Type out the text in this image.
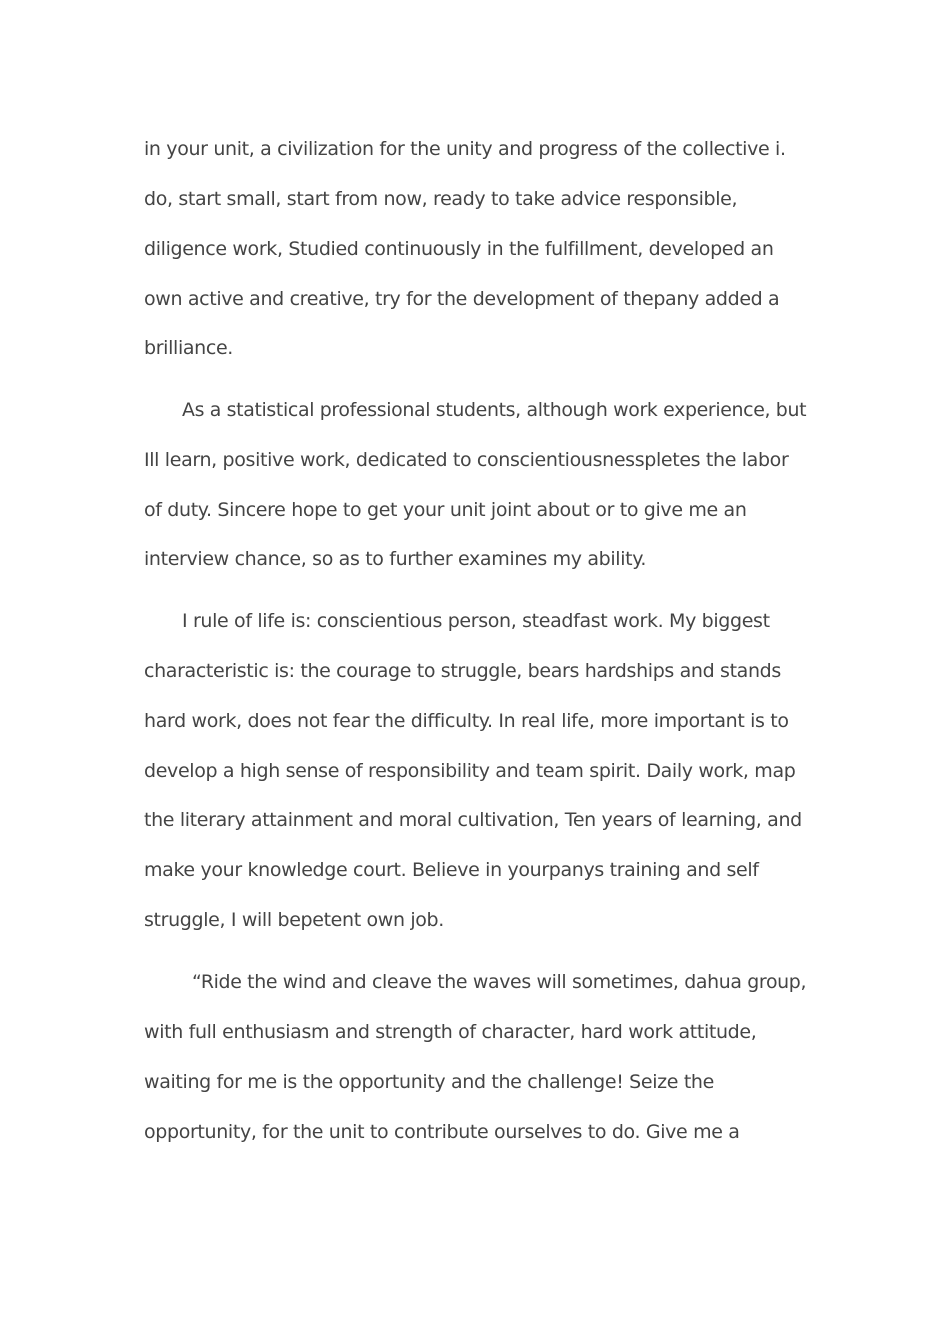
in your unit, a civilization for the unity and progress of the collective i.
do, start small, start from now, ready to take advice responsible,
diligence work, Studied continuously in the fulfillment, developed an
own active and creative, try for the development of thepany added a
brilliance.
As a statistical professional students, although work experience, but
Ill learn, positive work, dedicated to conscientiousnesspletes the labor
of duty. Sincere hope to get your unit joint about or to give me an
interview chance, so as to further examines my ability.
I rule of life is: conscientious person, steadfast work. My biggest
characteristic is: the courage to struggle, bears hardships and stands
hard work, does not fear the difficulty. In real life, more important is to
develop a high sense of responsibility and team spirit. Daily work, map
the literary attainment and moral cultivation, Ten years of learning, and
make your knowledge court. Believe in yourpanys training and self
struggle, I will bepetent own job.
“Ride the wind and cleave the waves will sometimes, dahua group,
with full enthusiasm and strength of character, hard work attitude,
waiting for me is the opportunity and the challenge! Seize the
opportunity, for the unit to contribute ourselves to do. Give me a
